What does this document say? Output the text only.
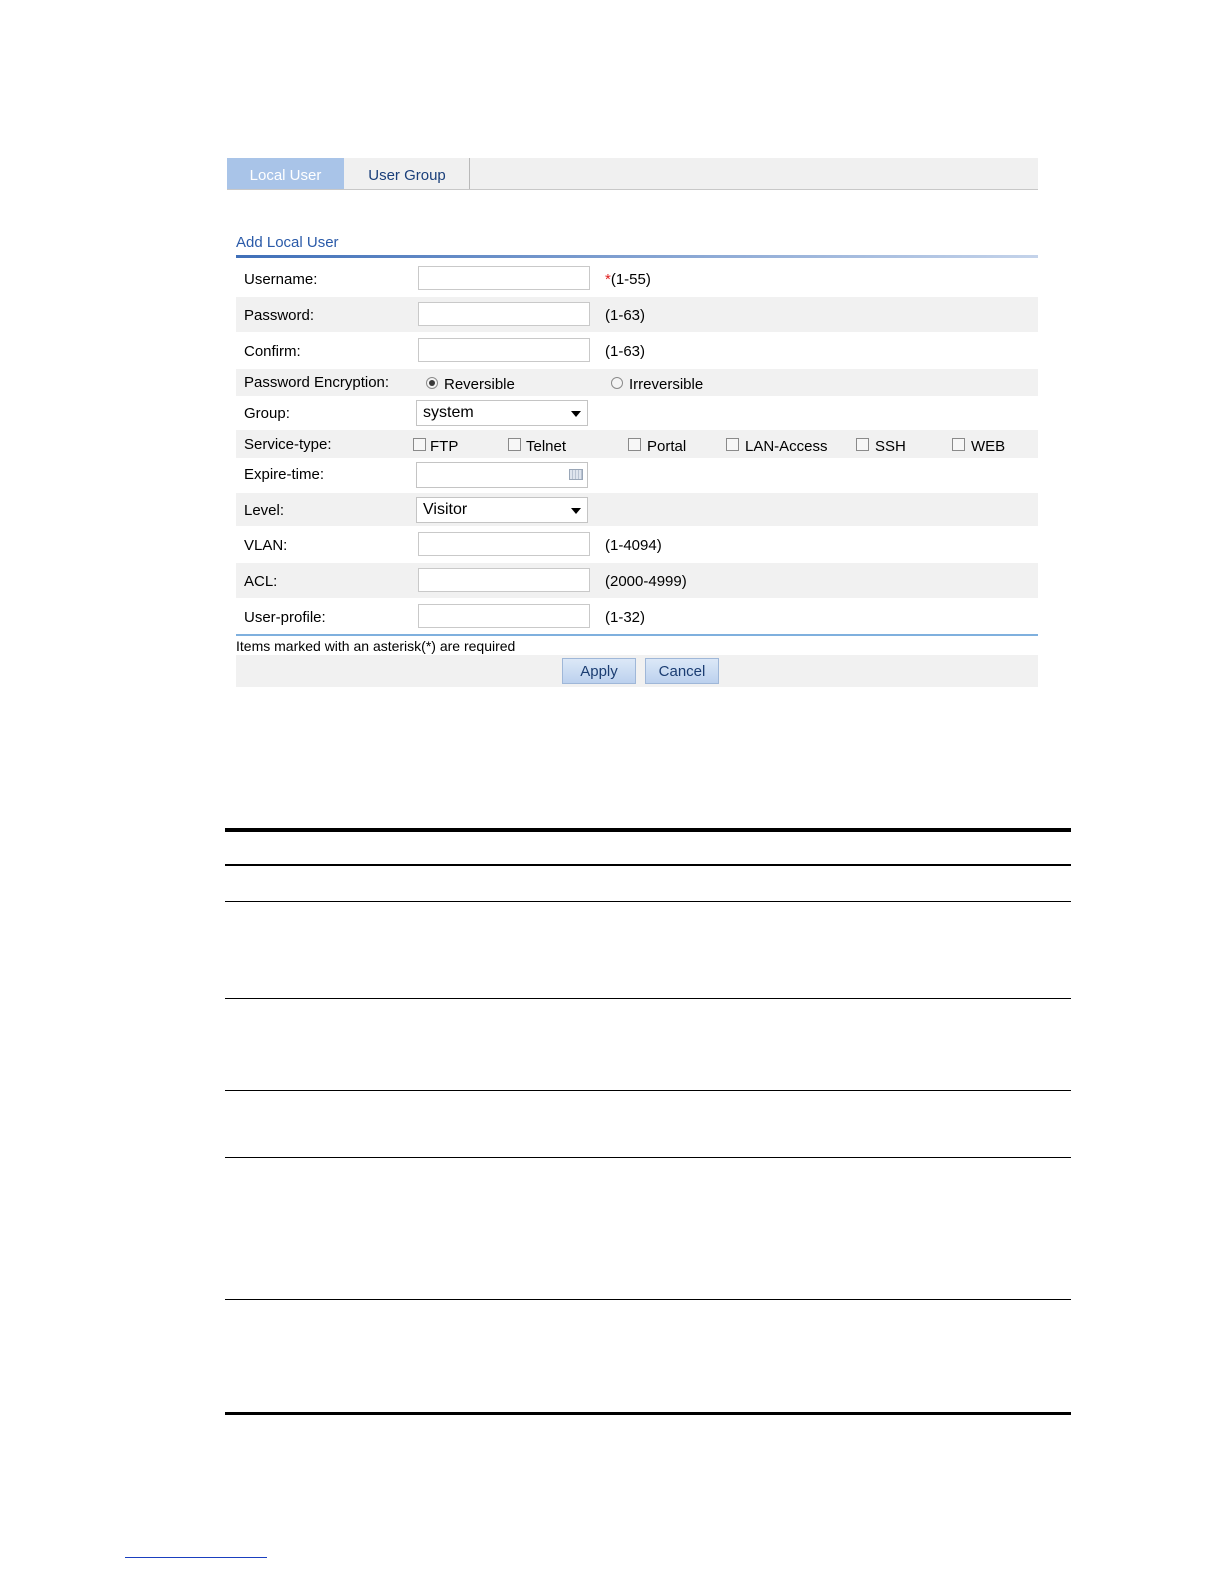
Local User	User Group
Add Local User
Username:	*(1-55)
Password:	(1-63)
Confirm:	(1-63)
Password Encryption:	Reversible	Irreversible
Group:	system
Service-type:	FTP	Telnet	Portal	LAN-Access	SSH	WEB
Expire-time:
Level:	Visitor
VLAN:	(1-4094)
ACL:	(2000-4999)
User-profile:	(1-32)
Items marked with an asterisk(*) are required
Apply	Cancel
